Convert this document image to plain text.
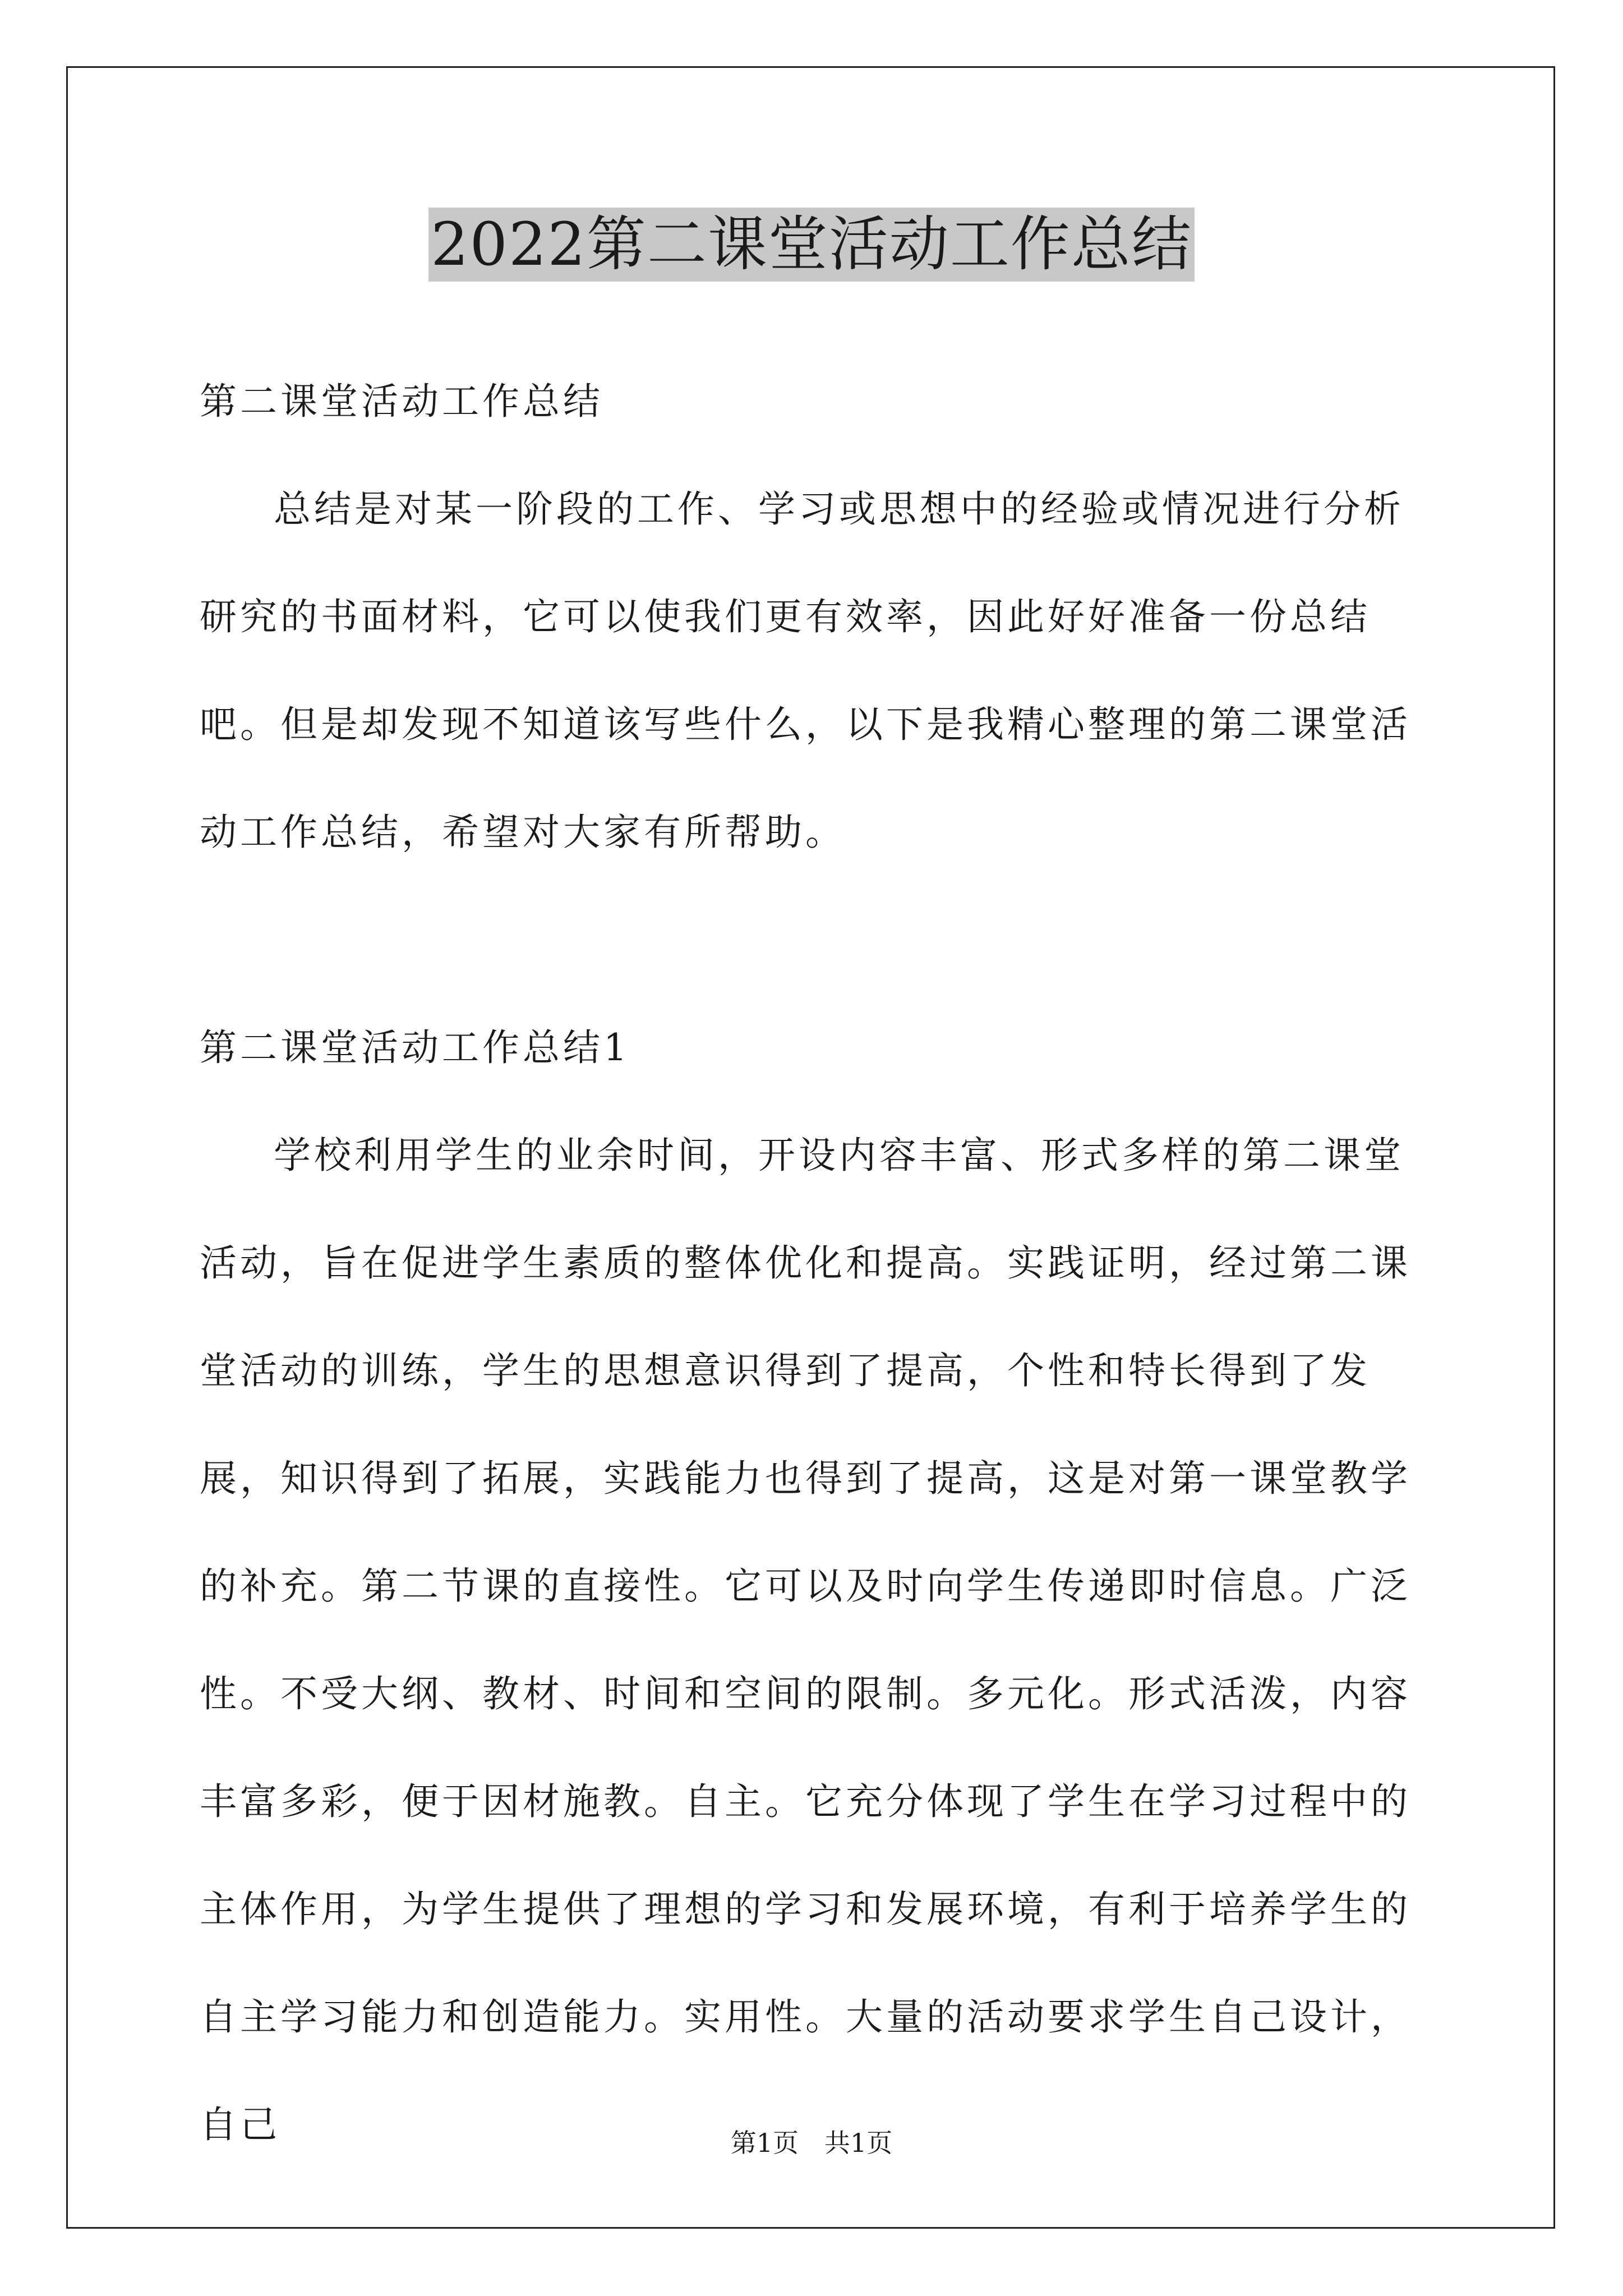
2022第二课堂活动工作总结

第二课堂活动工作总结

总结是对某一阶段的工作、学习或思想中的经验或情况进行分析研究的书面材料，它可以使我们更有效率，因此好好准备一份总结吧。但是却发现不知道该写些什么，以下是我精心整理的第二课堂活动工作总结，希望对大家有所帮助。

第二课堂活动工作总结1

学校利用学生的业余时间，开设内容丰富、形式多样的第二课堂活动，旨在促进学生素质的整体优化和提高。实践证明，经过第二课堂活动的训练，学生的思想意识得到了提高，个性和特长得到了发展，知识得到了拓展，实践能力也得到了提高，这是对第一课堂教学的补充。第二节课的直接性。它可以及时向学生传递即时信息。广泛性。不受大纲、教材、时间和空间的限制。多元化。形式活泼，内容丰富多彩，便于因材施教。自主。它充分体现了学生在学习过程中的主体作用，为学生提供了理想的学习和发展环境，有利于培养学生的自主学习能力和创造能力。实用性。大量的活动要求学生自己设计，自己	第1页　共1页
